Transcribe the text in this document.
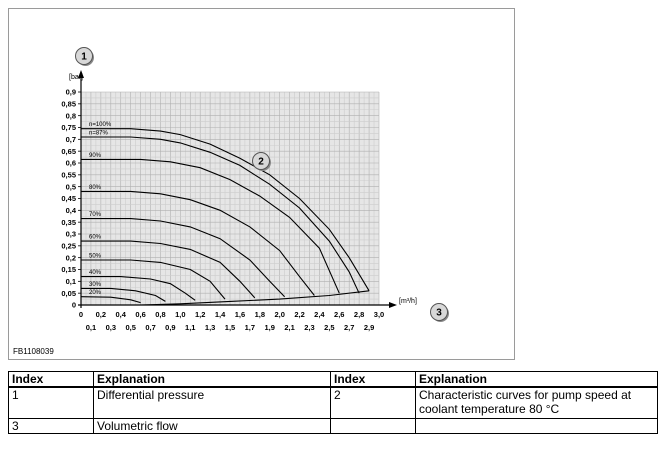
0
0,05
0,1
0,15
0,2
0,25
0,3
0,35
0,4
0,45
0,5
0,55
0,6
0,65
0,7
0,75
0,8
0,85
0,9
0 0,2 0,4 0,6 0,8 1,0 1,2 1,4 1,6 1,8 2,0 2,2 2,4 2,6 2,8 3,0
0,1 0,3 0,5 0,7 0,9 1,1 1,3 1,5 1,7 1,9 2,1 2,3 2,5 2,7 2,9
[bar]
[m³/h]
n=100%
n=87%
90%
80%
70%
60%
50%
40%
30%
20%
1
2
3
FB1108039
Index	Explanation	Index	Explanation
1	Differential pressure	2	Characteristic curves for pump speed at coolant temperature 80 °C
3	Volumetric flow		
